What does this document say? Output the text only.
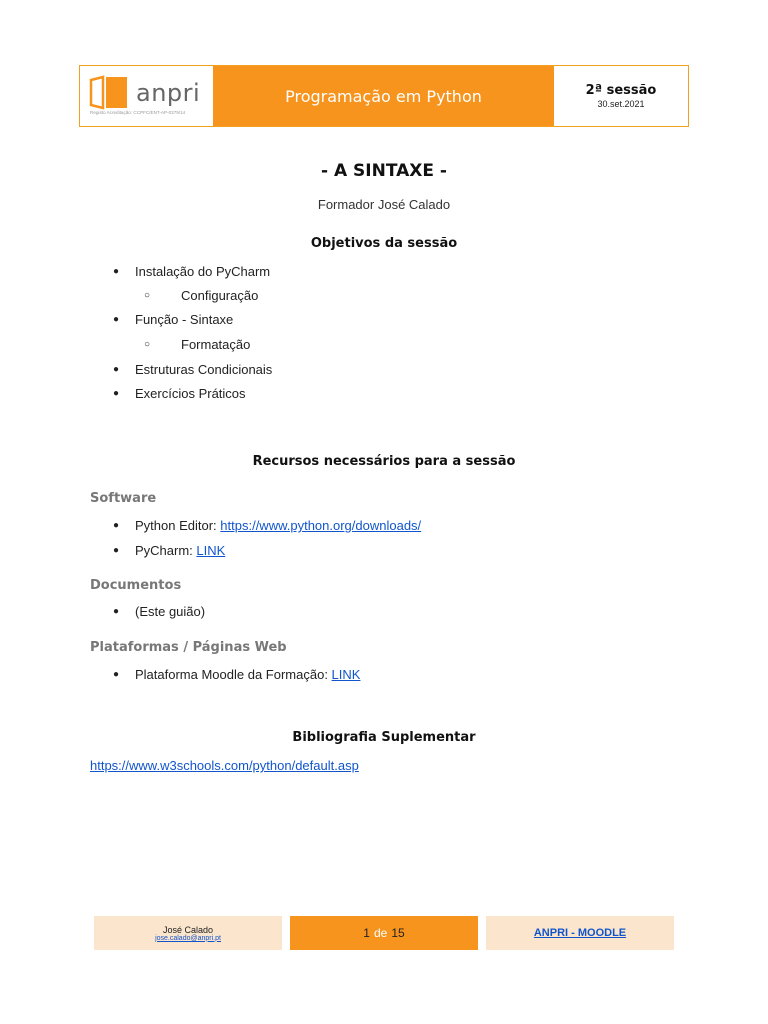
anpri
Registo Acreditação: CCPFC/ENT-AP-0379/14
Programação em Python	2ª sessão
30.set.2021
- A SINTAXE -
Formador José Calado
Objetivos da sessão
● Instalação do PyCharm
○ Configuração
● Função - Sintaxe
○ Formatação
● Estruturas Condicionais
● Exercícios Práticos
Recursos necessários para a sessão
Software
● Python Editor: https://www.python.org/downloads/
● PyCharm: LINK
Documentos
● (Este guião)
Plataformas / Páginas Web
● Plataforma Moodle da Formação: LINK
Bibliografia Suplementar
https://www.w3schools.com/python/default.asp
José Calado
jose.calado@anpri.pt	1 de 15	ANPRI - MOODLE
